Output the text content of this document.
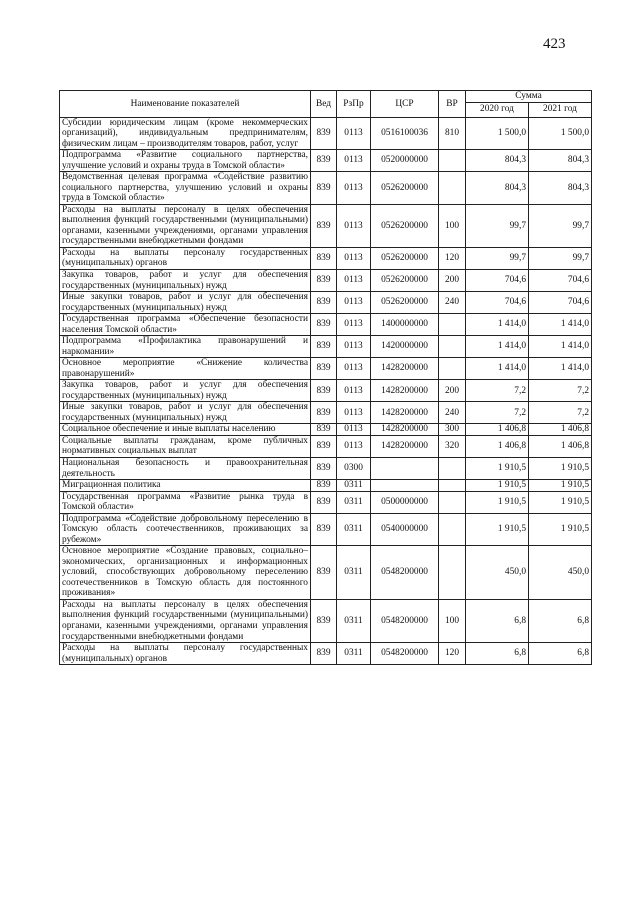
423
Наименование показателей	Вед	РзПр	ЦСР	ВР	Сумма	
					2020 год	2021 год
Субсидии юридическим лицам (кроме некоммерческих организаций), индивидуальным предпринимателям, физическим лицам – производителям товаров, работ, услуг	839	0113	0516100036	810	1 500,0	1 500,0
Подпрограмма «Развитие социального партнерства, улучшение условий и охраны труда в Томской области»	839	0113	0520000000		804,3	804,3
Ведомственная целевая программа «Содействие развитию социального партнерства, улучшению условий и охраны труда в Томской области»	839	0113	0526200000		804,3	804,3
Расходы на выплаты персоналу в целях обеспечения выполнения функций государственными (муниципальными) органами, казенными учреждениями, органами управления государственными внебюджетными фондами	839	0113	0526200000	100	99,7	99,7
Расходы на выплаты персоналу государственных (муниципальных) органов	839	0113	0526200000	120	99,7	99,7
Закупка товаров, работ и услуг для обеспечения государственных (муниципальных) нужд	839	0113	0526200000	200	704,6	704,6
Иные закупки товаров, работ и услуг для обеспечения государственных (муниципальных) нужд	839	0113	0526200000	240	704,6	704,6
Государственная программа «Обеспечение безопасности населения Томской области»	839	0113	1400000000		1 414,0	1 414,0
Подпрограмма «Профилактика правонарушений и наркомании»	839	0113	1420000000		1 414,0	1 414,0
Основное мероприятие «Снижение количества правонарушений»	839	0113	1428200000		1 414,0	1 414,0
Закупка товаров, работ и услуг для обеспечения государственных (муниципальных) нужд	839	0113	1428200000	200	7,2	7,2
Иные закупки товаров, работ и услуг для обеспечения государственных (муниципальных) нужд	839	0113	1428200000	240	7,2	7,2
Социальное обеспечение и иные выплаты населению	839	0113	1428200000	300	1 406,8	1 406,8
Социальные выплаты гражданам, кроме публичных нормативных социальных выплат	839	0113	1428200000	320	1 406,8	1 406,8
Национальная безопасность и правоохранительная деятельность	839	0300			1 910,5	1 910,5
Миграционная политика	839	0311			1 910,5	1 910,5
Государственная программа «Развитие рынка труда в Томской области»	839	0311	0500000000		1 910,5	1 910,5
Подпрограмма «Содействие добровольному переселению в Томскую область соотечественников, проживающих за рубежом»	839	0311	0540000000		1 910,5	1 910,5
Основное мероприятие «Создание правовых, социально–экономических, организационных и информационных условий, способствующих добровольному переселению соотечественников в Томскую область для постоянного проживания»	839	0311	0548200000		450,0	450,0
Расходы на выплаты персоналу в целях обеспечения выполнения функций государственными (муниципальными) органами, казенными учреждениями, органами управления государственными внебюджетными фондами	839	0311	0548200000	100	6,8	6,8
Расходы на выплаты персоналу государственных (муниципальных) органов	839	0311	0548200000	120	6,8	6,8
